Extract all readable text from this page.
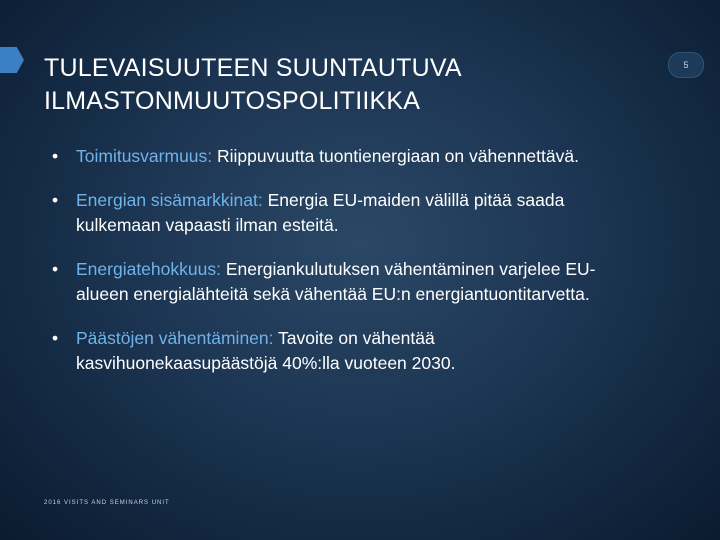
TULEVAISUUTEEN SUUNTAUTUVA
ILMASTONMUUTOSPOLITIIKKA
5
• Toimitusvarmuus: Riippuvuutta tuontienergiaan on vähennettävä.
• Energian sisämarkkinat: Energia EU-maiden välillä pitää saada kulkemaan vapaasti ilman esteitä.
• Energiatehokkuus: Energiankulutuksen vähentäminen varjelee EU-alueen energialähteitä sekä vähentää EU:n energiantuontitarvetta.
• Päästöjen vähentäminen: Tavoite on vähentää kasvihuonekaasupäästöjä 40%:lla vuoteen 2030.
2016 VISITS AND SEMINARS UNIT
